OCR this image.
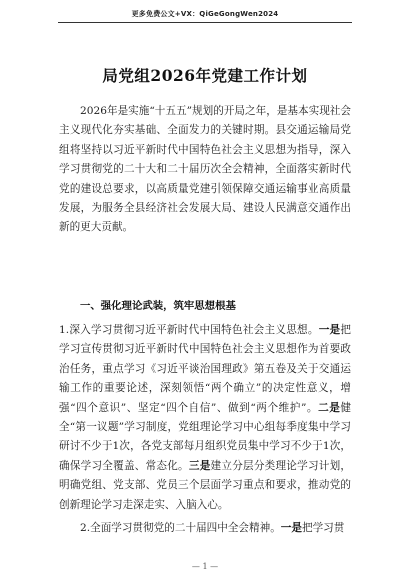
更多免费公文+VX：QiGeGongWen2024
局党组2026年党建工作计划

2026年是实施“十五五”规划的开局之年，是基本实现社会主义现代化夯实基础、全面发力的关键时期。县交通运输局党组将坚持以习近平新时代中国特色社会主义思想为指导，深入学习贯彻党的二十大和二十届历次全会精神，全面落实新时代党的建设总要求，以高质量党建引领保障交通运输事业高质量发展，为服务全县经济社会发展大局、建设人民满意交通作出新的更大贡献。

一、强化理论武装，筑牢思想根基

1.深入学习贯彻习近平新时代中国特色社会主义思想。一是把学习宣传贯彻习近平新时代中国特色社会主义思想作为首要政治任务，重点学习《习近平谈治国理政》第五卷及关于交通运输工作的重要论述，深刻领悟“两个确立”的决定性意义，增强“四个意识”、坚定“四个自信”、做到“两个维护”。二是健全“第一议题”学习制度，党组理论学习中心组每季度集中学习研讨不少于1次，各党支部每月组织党员集中学习不少于1次，确保学习全覆盖、常态化。三是建立分层分类理论学习计划，明确党组、党支部、党员三个层面学习重点和要求，推动党的创新理论学习走深走实、入脑入心。

2.全面学习贯彻党的二十届四中全会精神。一是把学习贯

— 1 —
